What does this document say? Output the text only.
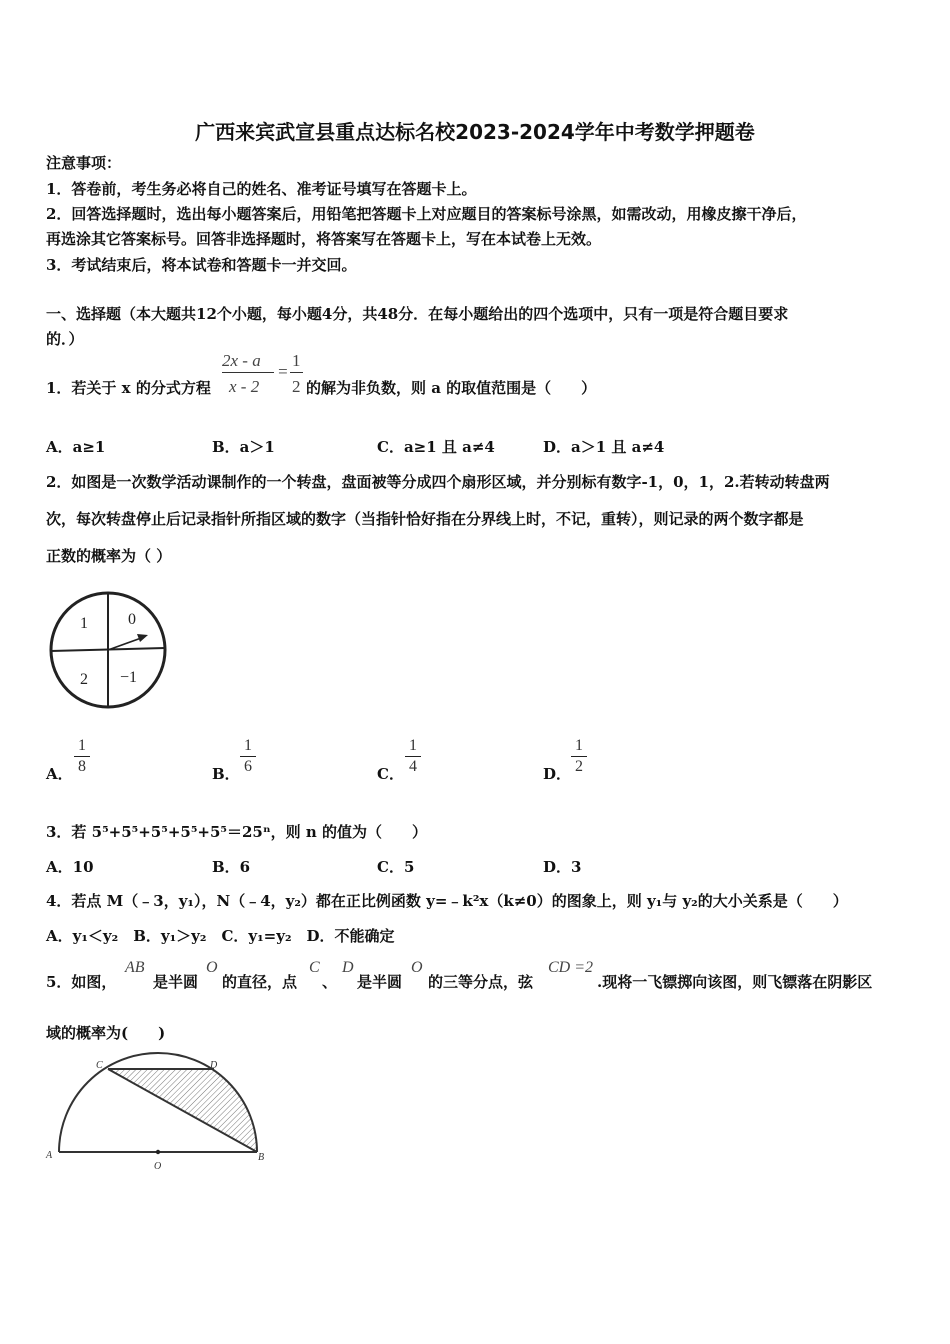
广西来宾武宣县重点达标名校2023-2024学年中考数学押题卷
注意事项：
1．答卷前，考生务必将自己的姓名、准考证号填写在答题卡上。
2．回答选择题时，选出每小题答案后，用铅笔把答题卡上对应题目的答案标号涂黑，如需改动，用橡皮擦干净后，
再选涂其它答案标号。回答非选择题时，将答案写在答题卡上，写在本试卷上无效。
3．考试结束后，将本试卷和答题卡一并交回。
一、选择题（本大题共12个小题，每小题4分，共48分．在每小题给出的四个选项中，只有一项是符合题目要求
的．）
1．若关于 x 的分式方程
2x - a
x - 2
=
1
2 的解为非负数，则 a 的取值范围是（　　）
A．a≥1	B．a＞1	C．a≥1 且 a≠4	D．a＞1 且 a≠4
2．如图是一次数学活动课制作的一个转盘，盘面被等分成四个扇形区域，并分别标有数字-1，0，1，2.若转动转盘两
次，每次转盘停止后记录指针所指区域的数字（当指针恰好指在分界线上时，不记，重转），则记录的两个数字都是
正数的概率为（ ）
1	0
2 −1
A．
1
8	B．
1
6	C．
1
4	D．
1
2
3．若 5⁵+5⁵+5⁵+5⁵+5⁵＝25ⁿ，则 n 的值为（　　）
A．10	B．6	C．5	D．3
4．若点 M（﹣3，y₁），N（﹣4，y₂）都在正比例函数 y=﹣k²x（k≠0）的图象上，则 y₁与 y₂的大小关系是（　　）
A．y₁＜y₂　B．y₁＞y₂　C．y₁=y₂　D．不能确定
5．如图，
AB
是半圆
O
的直径，点
C
、
D
是半圆
O
的三等分点，弦
CD =2
.现将一飞镖掷向该图，则飞镖落在阴影区
域的概率为(　　)
A	B
C	D
O
